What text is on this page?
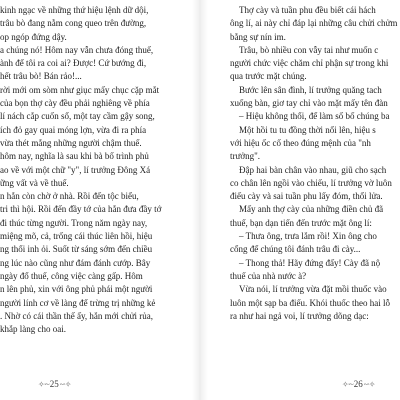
kinh ngạc về những thứ hiệu lệnh dữ dội,
trâu bò đang nằm cong queo trên đường,
op ngóp đứng dậy.
a chúng nó! Hôm nay vẫn chưa đóng thuế,
ành để tôi ra coi ai? Được! Cứ bướng đi,
hết trâu bò! Bán rảo!...
rời mới om sòm như giục mấy chục cặp mắt
của bọn thợ cày đều phải nghiêng về phía
lí nách cắp cuốn sổ, một tay cầm gậy song,
ích đỏ gay quai móng lợn, vừa đi ra phía
vừa thét mắng những người chậm thuế.
hôm nay, nghĩa là sau khi bà bố trình phủ
ao về với một chữ "y", lí trưởng Đông Xá
ững vất và về thuế.
n hẳn còn chờ ở nhà. Rồi đến tộc biểu,
tri thì hội. Rồi đến đầy tớ của hắn đưa đầy tớ
đi thúc từng người. Trong năm ngày nay,
miệng mõ, cả, trống cái thúc liên hồi, hiệu
ng thổi inh ỏi. Suốt từ sáng sớm đến chiều
ng lúc nào cũng như đám đánh cướp. Bây
ngày đổ thuế, công việc càng gấp. Hôm
n lên phủ, xin với ông phủ phái một người
người lính cơ về làng để trừng trị những kẻ
. Nhờ có cái thần thế ấy, hắn mới chửi rủa,
khắp làng cho oai.
✧·~25~·✧
Thợ cày và tuần phu đều biết cái hách
ông lí, ai này chỉ đáp lại những câu chửi chửm
bằng sự nín im.
Trâu, bò nhiều con vẫy tai như muốn c
người chức việc chăm chỉ phận sự trong khi
qua trước mặt chúng.
Bước lên sân đình, lí trưởng quăng tach
xuống bàn, giơ tay chỉ vào mặt mấy tên đàn
– Hiệu không thổi, để làm số bố chúng ba
Một hồi tu tu đồng thời nổi lên, hiệu s
với hiệu ốc cố theo đúng mệnh của "nh
trưởng".
Đập hai bàn chân vào nhau, giũ cho sạch
co chân lên ngồi vào chiếu, lí trưởng vờ luôn
điếu cày và sai tuần phu lấy đóm, thổi lửa.
Mấy anh thợ cày của những điền chủ đã
thuế, bạn dạn tiến đến trước mặt ông lí:
– Thưa ông, trưa lắm rồi! Xin ông cho
cổng để chúng tôi đánh trâu đi cày...
– Thong thả! Hãy đứng đấy! Cày đã nộ
thuế của nhà nước à?
Vừa nói, lí trưởng vừa đặt mồi thuốc vào
luôn một sạp ba điếu. Khói thuốc theo hai lỗ
ra như hai ngả voi, lí trưởng dõng dạc:
✧·~26~·✧
